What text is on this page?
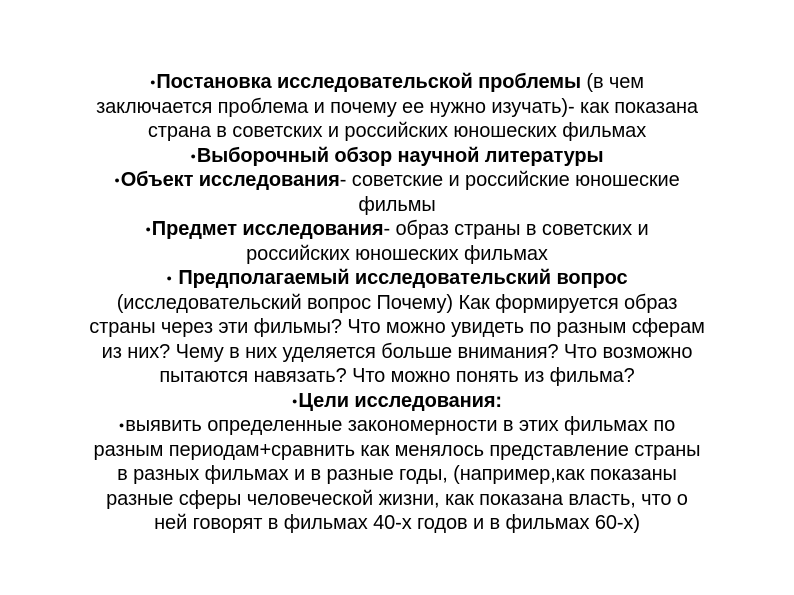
●Постановка исследовательской проблемы (в чем
заключается проблема и почему ее нужно изучать)- как показана
страна в советских и российских юношеских фильмах
●Выборочный обзор научной литературы
●Объект исследования- советские и российские юношеские
фильмы
●Предмет исследования- образ страны в советских и
российских юношеских фильмах
● Предполагаемый исследовательский вопрос
(исследовательский вопрос Почему) Как формируется образ
страны через эти фильмы? Что можно увидеть по разным сферам
из них? Чему в них уделяется больше внимания? Что возможно
пытаются навязать? Что можно понять из фильма?
●Цели исследования:
●выявить определенные закономерности в этих фильмах по
разным периодам+сравнить как менялось представление страны
в разных фильмах и в разные годы, (например,как показаны
разные сферы человеческой жизни, как показана власть, что о
ней говорят в фильмах 40-х годов и в фильмах 60-х)
